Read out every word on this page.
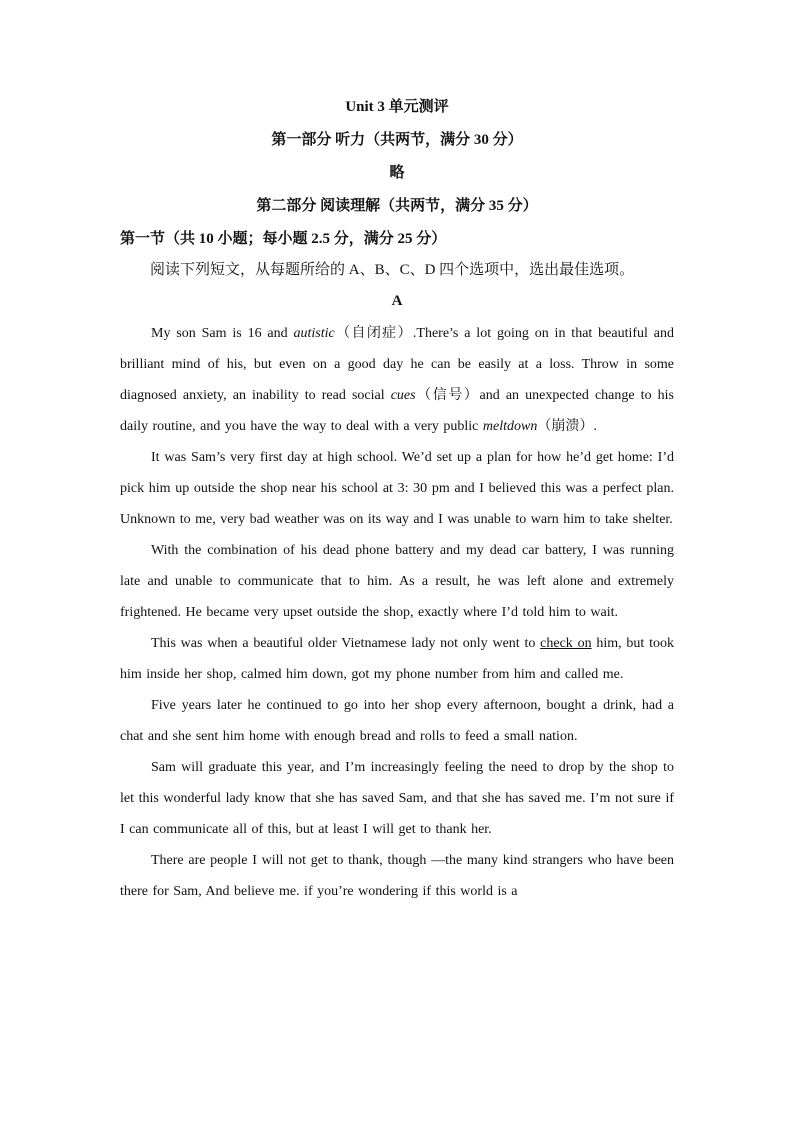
Unit 3 单元测评
第一部分 听力（共两节，满分 30 分）
略
第二部分 阅读理解（共两节，满分 35 分）
第一节（共 10 小题；每小题 2.5 分，满分 25 分）
阅读下列短文，从每题所给的 A、B、C、D 四个选项中，选出最佳选项。
A

My son Sam is 16 and autistic（自闭症）.There’s a lot going on in that beautiful and brilliant mind of his, but even on a good day he can be easily at a loss. Throw in some diagnosed anxiety, an inability to read social cues（信号）and an unexpected change to his daily routine, and you have the way to deal with a very public meltdown（崩溃）.

It was Sam’s very first day at high school. We’d set up a plan for how he’d get home: I’d pick him up outside the shop near his school at 3: 30 pm and I believed this was a perfect plan. Unknown to me, very bad weather was on its way and I was unable to warn him to take shelter.

With the combination of his dead phone battery and my dead car battery, I was running late and unable to communicate that to him. As a result, he was left alone and extremely frightened. He became very upset outside the shop, exactly where I’d told him to wait.

This was when a beautiful older Vietnamese lady not only went to check on him, but took him inside her shop, calmed him down, got my phone number from him and called me.

Five years later he continued to go into her shop every afternoon, bought a drink, had a chat and she sent him home with enough bread and rolls to feed a small nation.

Sam will graduate this year, and I’m increasingly feeling the need to drop by the shop to let this wonderful lady know that she has saved Sam, and that she has saved me. I’m not sure if I can communicate all of this, but at least I will get to thank her.

There are people I will not get to thank, though —the many kind strangers who have been there for Sam, And believe me. if you’re wondering if this world is a
